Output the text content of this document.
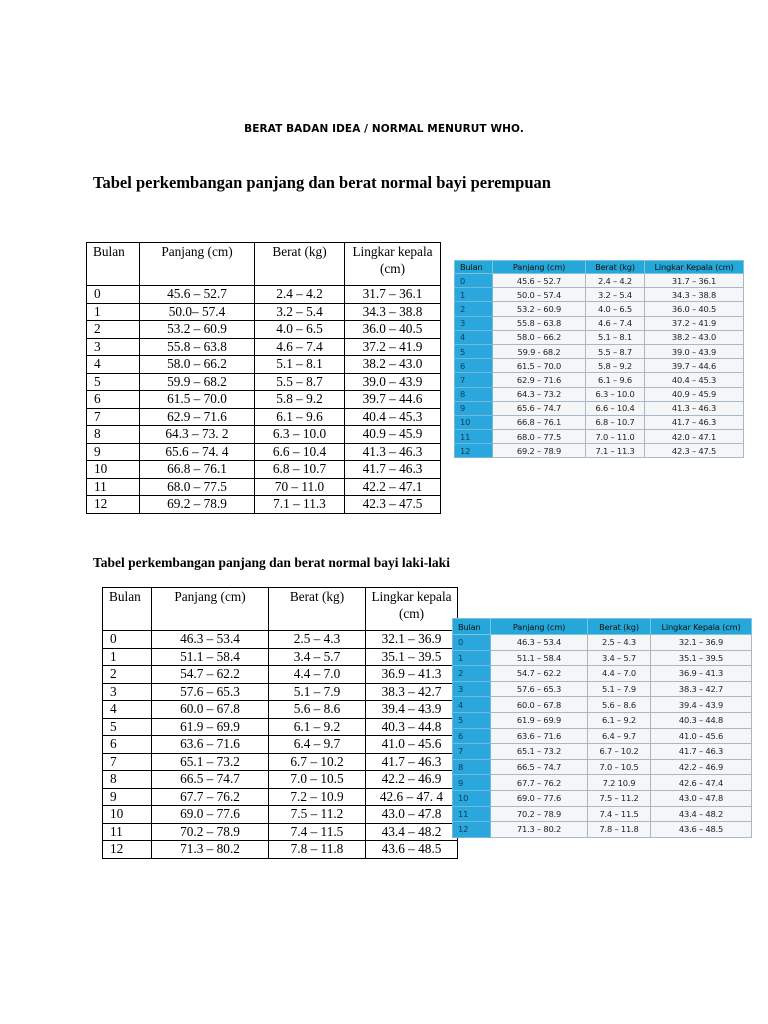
BERAT BADAN IDEA / NORMAL MENURUT WHO.
Tabel perkembangan panjang dan berat normal bayi perempuan
Bulan	Panjang (cm)	Berat (kg)	Lingkar kepala (cm)
0	45.6 – 52.7	2.4 – 4.2	31.7 – 36.1
1	50.0– 57.4	3.2 – 5.4	34.3 – 38.8
2	53.2 – 60.9	4.0 – 6.5	36.0 – 40.5
3	55.8 – 63.8	4.6 – 7.4	37.2 – 41.9
4	58.0 – 66.2	5.1 – 8.1	38.2 – 43.0
5	59.9 – 68.2	5.5 – 8.7	39.0 – 43.9
6	61.5 – 70.0	5.8 – 9.2	39.7 – 44.6
7	62.9 – 71.6	6.1 – 9.6	40.4 – 45.3
8	64.3 – 73. 2	6.3 – 10.0	40.9 – 45.9
9	65.6 – 74. 4	6.6 – 10.4	41.3 – 46.3
10	66.8 – 76.1	6.8 – 10.7	41.7 – 46.3
11	68.0 – 77.5	70 – 11.0	42.2 – 47.1
12	69.2 – 78.9	7.1 – 11.3	42.3 – 47.5
Bulan	Panjang (cm)	Berat (kg)	Lingkar Kepala (cm)
0	45.6 – 52.7	2.4 – 4.2	31.7 – 36.1
1	50.0 – 57.4	3.2 – 5.4	34.3 – 38.8
2	53.2 – 60.9	4.0 – 6.5	36.0 – 40.5
3	55.8 – 63.8	4.6 – 7.4	37.2 – 41.9
4	58.0 – 66.2	5.1 – 8.1	38.2 – 43.0
5	59.9 - 68.2	5.5 – 8.7	39.0 – 43.9
6	61.5 – 70.0	5.8 – 9.2	39.7 – 44.6
7	62.9 – 71.6	6.1 – 9.6	40.4 – 45.3
8	64.3 – 73.2	6.3 – 10.0	40.9 – 45.9
9	65.6 – 74.7	6.6 – 10.4	41.3 – 46.3
10	66.8 – 76.1	6.8 – 10.7	41.7 – 46.3
11	68.0 – 77.5	7.0 – 11.0	42.0 – 47.1
12	69.2 – 78.9	7.1 – 11.3	42.3 – 47.5
Tabel perkembangan panjang dan berat normal bayi laki-laki
Bulan	Panjang (cm)	Berat (kg)	Lingkar kepala (cm)
0	46.3 – 53.4	2.5 – 4.3	32.1 – 36.9
1	51.1 – 58.4	3.4 – 5.7	35.1 – 39.5
2	54.7 – 62.2	4.4 – 7.0	36.9 – 41.3
3	57.6 – 65.3	5.1 – 7.9	38.3 – 42.7
4	60.0 – 67.8	5.6 – 8.6	39.4 – 43.9
5	61.9 – 69.9	6.1 – 9.2	40.3 – 44.8
6	63.6 – 71.6	6.4 – 9.7	41.0 – 45.6
7	65.1 – 73.2	6.7 – 10.2	41.7 – 46.3
8	66.5 – 74.7	7.0 – 10.5	42.2 – 46.9
9	67.7 – 76.2	7.2 – 10.9	42.6 – 47. 4
10	69.0 – 77.6	7.5 – 11.2	43.0 – 47.8
11	70.2 – 78.9	7.4 – 11.5	43.4 – 48.2
12	71.3 – 80.2	7.8 – 11.8	43.6 – 48.5
Bulan	Panjang (cm)	Berat (kg)	Lingkar Kepala (cm)
0	46.3 – 53.4	2.5 – 4.3	32.1 – 36.9
1	51.1 – 58.4	3.4 – 5.7	35.1 – 39.5
2	54.7 – 62.2	4.4 – 7.0	36.9 – 41.3
3	57.6 – 65.3	5.1 – 7.9	38.3 – 42.7
4	60.0 – 67.8	5.6 – 8.6	39.4 – 43.9
5	61.9 – 69.9	6.1 – 9.2	40.3 – 44.8
6	63.6 – 71.6	6.4 – 9.7	41.0 – 45.6
7	65.1 – 73.2	6.7 – 10.2	41.7 – 46.3
8	66.5 – 74.7	7.0 – 10.5	42.2 – 46.9
9	67.7 – 76.2	7.2 10.9	42.6 – 47.4
10	69.0 – 77.6	7.5 – 11.2	43.0 – 47.8
11	70.2 – 78.9	7.4 – 11.5	43.4 – 48.2
12	71.3 – 80.2	7.8 – 11.8	43.6 – 48.5
